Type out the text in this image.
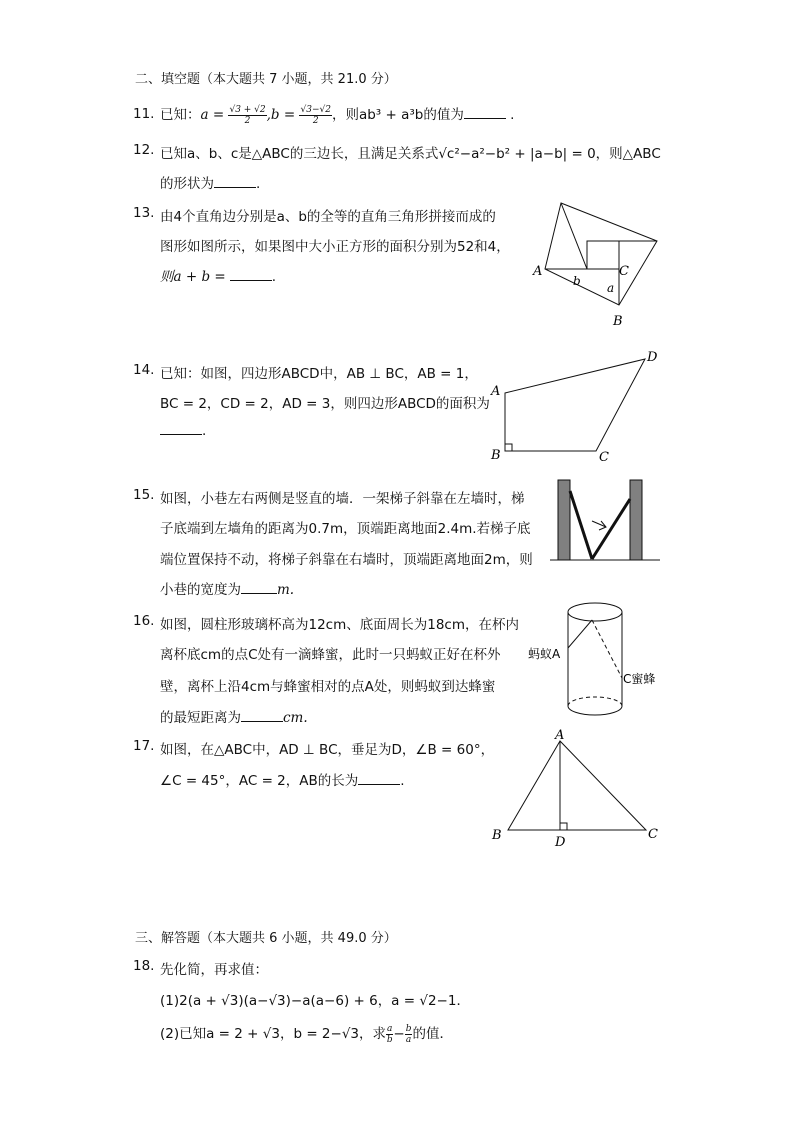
二、填空题（本大题共 7 小题，共 21.0 分）
11. 已知：$a = \frac{√3 + √2}{2} ,b = \frac{√3-√2}{2}$ ，则ab³ + a³b的值为	.
12. 已知a、b、c是△ABC的三边长，且满足关系式√c²−a²−b² + |a−b| = 0，则△ABC
的形状为	.
13. 由4个直角边分别是a、b的全等的直角三角形拼接而成的
图形如图所示，如果图中大小正方形的面积分别为52和4，
则a + b =	.	A
B
C
b a
14. 已知：如图，四边形ABCD中，AB ⊥ BC，AB = 1，
BC = 2，CD = 2，AD = 3，则四边形ABCD的面积为
.
A
B	C
D
15. 如图，小巷左右两侧是竖直的墙．一架梯子斜靠在左墙时，梯
子底端到左墙角的距离为0.7m，顶端距离地面2.4m.若梯子底
端位置保持不动，将梯子斜靠在右墙时，顶端距离地面2m，则
小巷的宽度为	m.
16. 如图，圆柱形玻璃杯高为12cm、底面周长为18cm，在杯内
离杯底cm的点C处有一滴蜂蜜，此时一只蚂蚁正好在杯外
壁，离杯上沿4cm与蜂蜜相对的点A处，则蚂蚁到达蜂蜜
的最短距离为	cm.
蚂蚁A
C蜜蜂
17. 如图，在△ABC中，AD ⊥ BC，垂足为D，∠B = 60°，
∠C = 45°，AC = 2，AB的长为	.
A
B	C
D
三、解答题（本大题共 6 小题，共 49.0 分）
18. 先化简，再求值：
(1)2(a + √3)(a−√3)−a(a−6) + 6，a = √2−1．
(2)已知a = 2 + √3，b = 2−√3，求 $\frac{a}{b} - \frac{b}{a}$ 的值．
